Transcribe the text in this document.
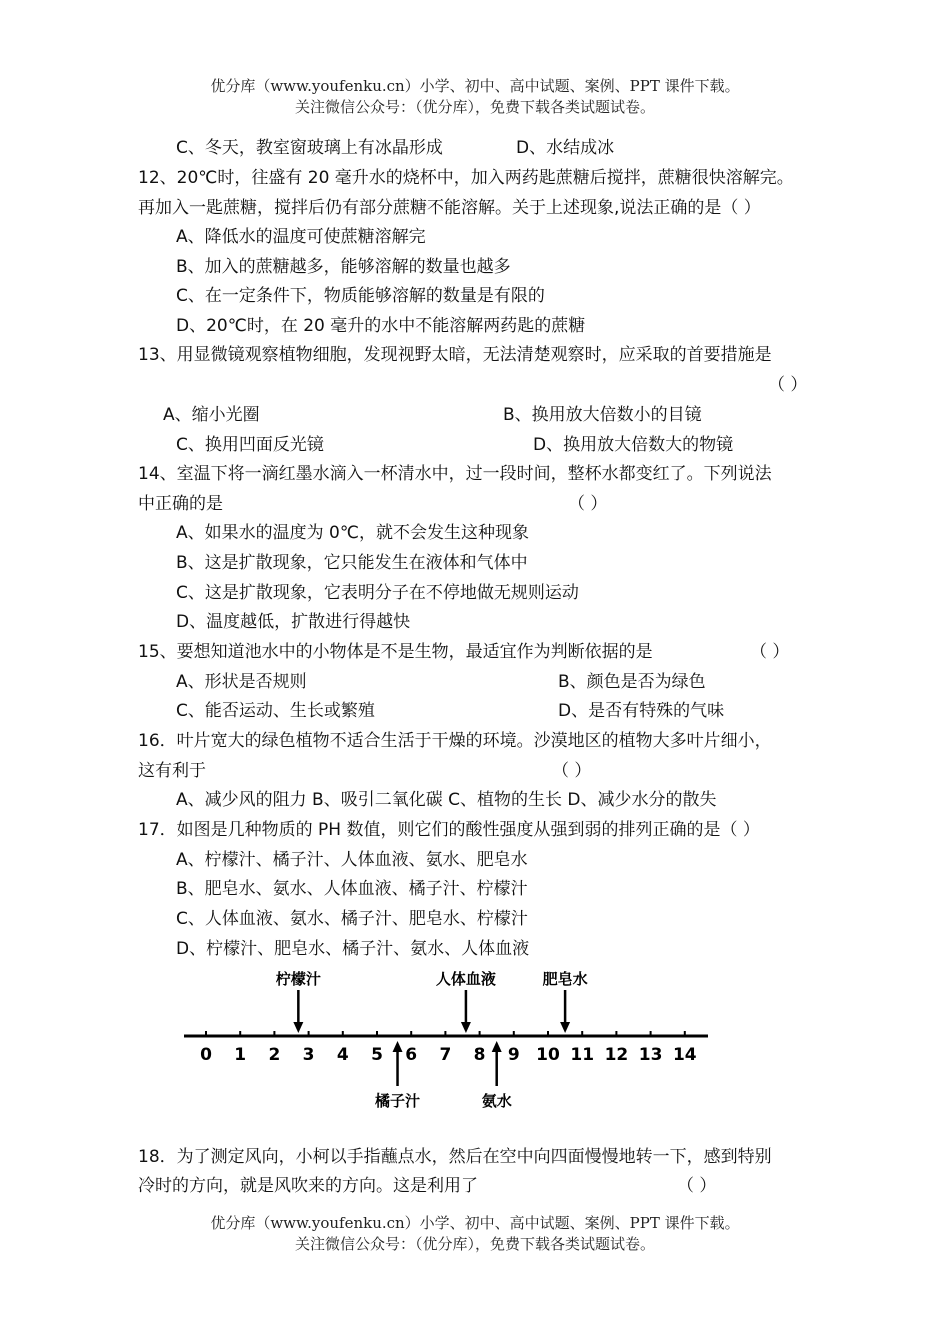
优分库（www.youfenku.cn）小学、初中、高中试题、案例、PPT 课件下载。
关注微信公众号：（优分库），免费下载各类试题试卷。
C、冬天，教室窗玻璃上有冰晶形成	D、水结成冰
12、20℃时，往盛有 20 毫升水的烧杯中，加入两药匙蔗糖后搅拌，蔗糖很快溶解完。
再加入一匙蔗糖，搅拌后仍有部分蔗糖不能溶解。关于上述现象,说法正确的是（ ）
A、降低水的温度可使蔗糖溶解完
B、加入的蔗糖越多，能够溶解的数量也越多
C、在一定条件下，物质能够溶解的数量是有限的
D、20℃时，在 20 毫升的水中不能溶解两药匙的蔗糖
13、用显微镜观察植物细胞，发现视野太暗，无法清楚观察时，应采取的首要措施是
（ ）
A、缩小光圈	B、换用放大倍数小的目镜
C、换用凹面反光镜	D、换用放大倍数大的物镜
14、室温下将一滴红墨水滴入一杯清水中，过一段时间，整杯水都变红了。下列说法
中正确的是	（ ）
A、如果水的温度为 0℃，就不会发生这种现象
B、这是扩散现象，它只能发生在液体和气体中
C、这是扩散现象，它表明分子在不停地做无规则运动
D、温度越低，扩散进行得越快
15、要想知道池水中的小物体是不是生物，最适宜作为判断依据的是	（ ）
A、形状是否规则	B、颜色是否为绿色
C、能否运动、生长或繁殖	D、是否有特殊的气味
16．叶片宽大的绿色植物不适合生活于干燥的环境。沙漠地区的植物大多叶片细小，
这有利于	（ ）
A、减少风的阻力 B、吸引二氧化碳 C、植物的生长 D、减少水分的散失
17．如图是几种物质的 PH 数值，则它们的酸性强度从强到弱的排列正确的是（ ）
A、柠檬汁、橘子汁、人体血液、氨水、肥皂水
B、肥皂水、氨水、人体血液、橘子汁、柠檬汁
C、人体血液、氨水、橘子汁、肥皂水、柠檬汁
D、柠檬汁、肥皂水、橘子汁、氨水、人体血液
0 1 2 3 4 5 6 7 8 9 10 11 12 13 14
柠檬汁	人体血液	肥皂水
橘子汁	氨水
18．为了测定风向，小柯以手指蘸点水，然后在空中向四面慢慢地转一下，感到特别
冷时的方向，就是风吹来的方向。这是利用了	（ ）
优分库（www.youfenku.cn）小学、初中、高中试题、案例、PPT 课件下载。
关注微信公众号：（优分库），免费下载各类试题试卷。
